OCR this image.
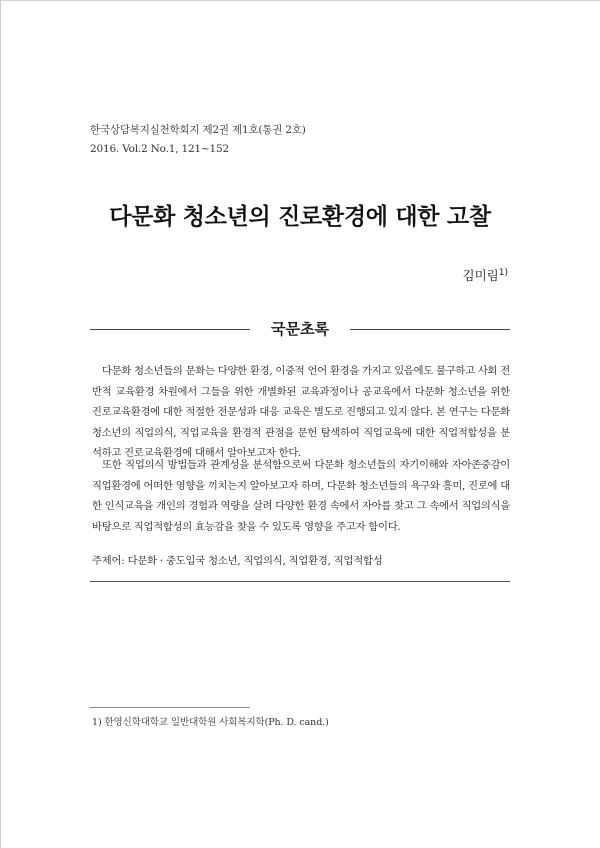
한국상담복지실천학회지 제2권 제1호(통권 2호)
2016. Vol.2 No.1, 121~152
다문화 청소년의 진로환경에 대한 고찰
김미림$^{1)}$
국문초록

다문화 청소년들의 문화는 다양한 환경, 이중적 언어 환경을 가지고 있음에도 불구하고 사회 전반적 교육환경 차원에서 그들을 위한 개별화된 교육과정이나 공교육에서 다문화 청소년을 위한 진로교육환경에 대한 적절한 전문성과 대응 교육은 별도로 진행되고 있지 않다. 본 연구는 다문화 청소년의 직업의식, 직업교육을 환경적 관점을 문헌 탐색하여 직업교육에 대한 직업적합성을 분석하고 진로교육환경에 대해서 알아보고자 한다.

또한 직업의식 방법들과 관계성을 분석함으로써 다문화 청소년들의 자기이해와 자아존중감이 직업환경에 어떠한 영향을 끼치는지 알아보고자 하며, 다문화 청소년들의 욕구와 흥미, 진로에 대한 인식교육을 개인의 경험과 역량을 살려 다양한 환경 속에서 자아를 찾고 그 속에서 직업의식을 바탕으로 직업적합성의 효능감을 찾을 수 있도록 영향을 주고자 함이다.

주제어: 다문화 · 중도입국 청소년, 직업의식, 직업환경, 직업적합성
1) 한영신학대학교 일반대학원 사회복지학(Ph. D. cand.)
